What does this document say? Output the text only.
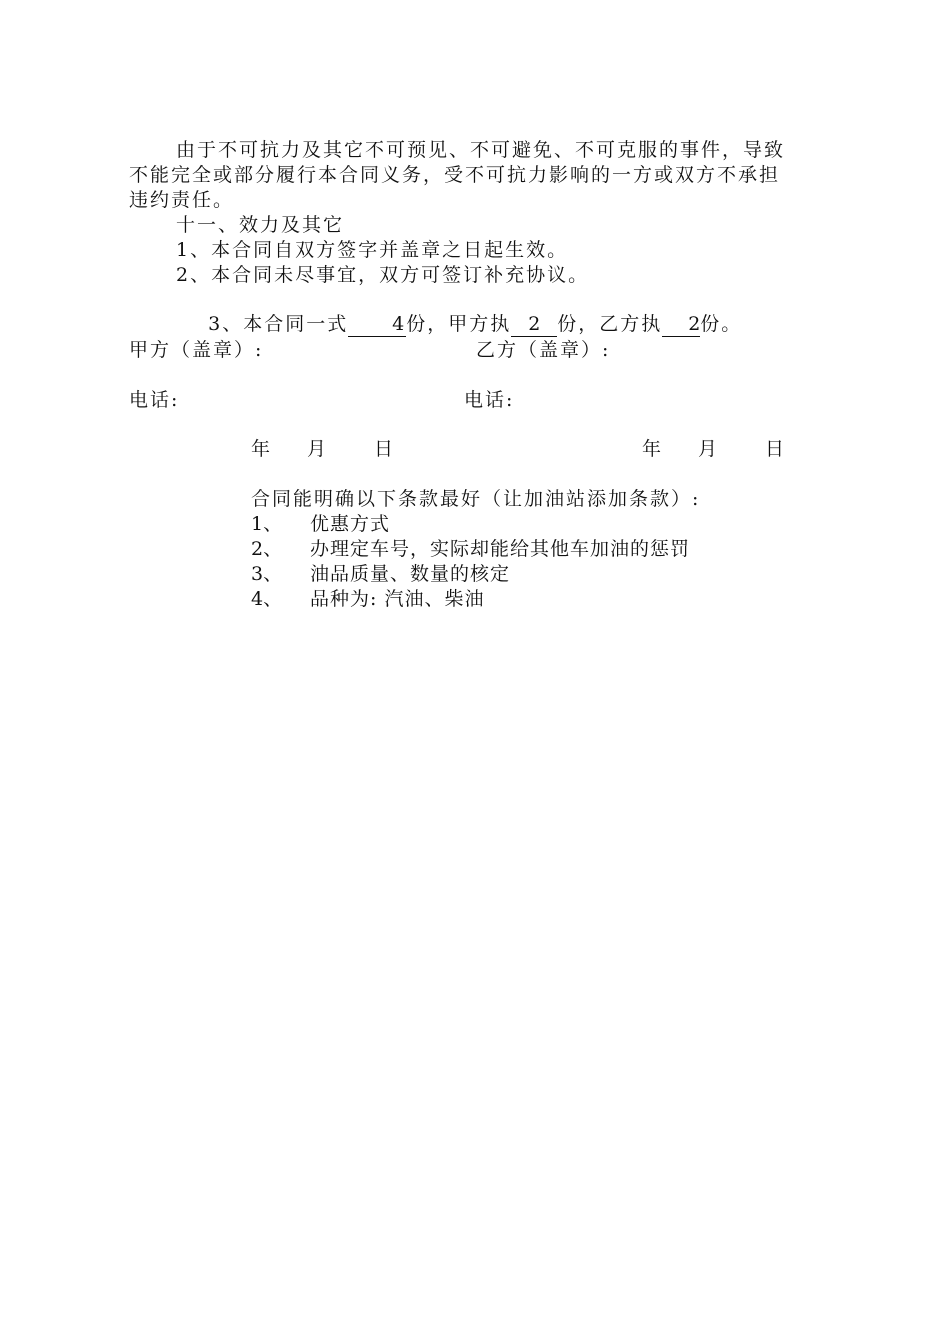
由于不可抗力及其它不可预见、不可避免、不可克服的事件，导致
不能完全或部分履行本合同义务，受不可抗力影响的一方或双方不承担
违约责任。
十一、效力及其它
1、本合同自双方签字并盖章之日起生效。
2、本合同未尽事宜，双方可签订补充协议。

3、本合同一式 4 份，甲方执 2 份，乙方执 2份。

甲方（盖章）:	乙方（盖章）:
电话:	电话:
年 月 日	年 月 日
合同能明确以下条款最好（让加油站添加条款）:
1、 优惠方式
2、 办理定车号，实际却能给其他车加油的惩罚
3、 油品质量、数量的核定
4、 品种为: 汽油、柴油
